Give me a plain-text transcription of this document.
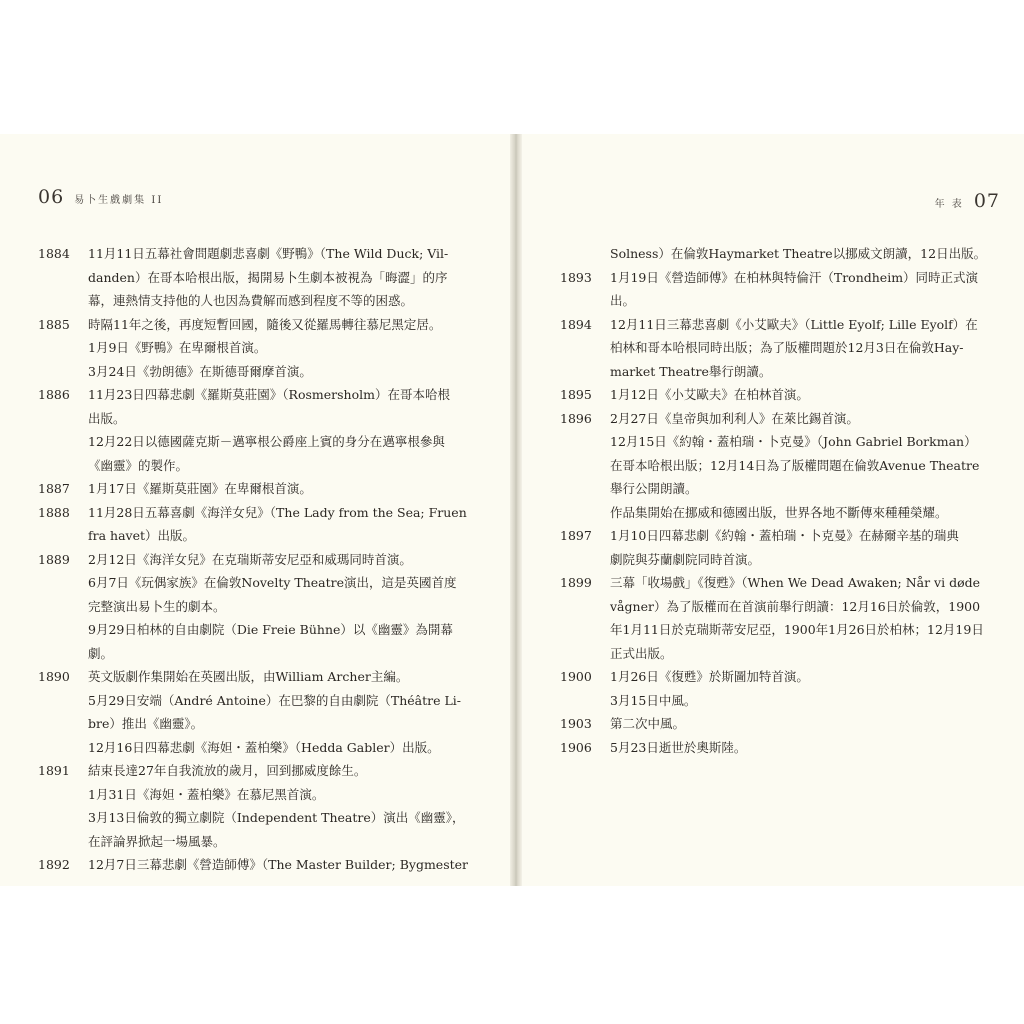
06 易卜生戲劇集 II	年 表 07
1884	11月11日五幕社會問題劇悲喜劇《野鴨》（The Wild Duck; Vil-
danden）在哥本哈根出版，揭開易卜生劇本被視為「晦澀」的序
幕，連熱情支持他的人也因為費解而感到程度不等的困惑。
1885	時隔11年之後，再度短暫回國，隨後又從羅馬轉往慕尼黑定居。
1月9日《野鴨》在卑爾根首演。
3月24日《勃朗德》在斯德哥爾摩首演。
1886	11月23日四幕悲劇《羅斯莫莊園》（Rosmersholm）在哥本哈根
出版。
12月22日以德國薩克斯－邁寧根公爵座上賓的身分在邁寧根參與
《幽靈》的製作。
1887	1月17日《羅斯莫莊園》在卑爾根首演。
1888	11月28日五幕喜劇《海洋女兒》（The Lady from the Sea; Fruen
fra havet）出版。
1889	2月12日《海洋女兒》在克瑞斯蒂安尼亞和威瑪同時首演。
6月7日《玩偶家族》在倫敦Novelty Theatre演出，這是英國首度
完整演出易卜生的劇本。
9月29日柏林的自由劇院（Die Freie Bühne）以《幽靈》為開幕
劇。
1890	英文版劇作集開始在英國出版，由William Archer主編。
5月29日安端（André Antoine）在巴黎的自由劇院（Théâtre Li-
bre）推出《幽靈》。
12月16日四幕悲劇《海妲・蓋柏樂》（Hedda Gabler）出版。
1891	結束長達27年自我流放的歲月，回到挪威度餘生。
1月31日《海妲・蓋柏樂》在慕尼黑首演。
3月13日倫敦的獨立劇院（Independent Theatre）演出《幽靈》，
在評論界掀起一場風暴。
1892	12月7日三幕悲劇《營造師傅》（The Master Builder; Bygmester
Solness）在倫敦Haymarket Theatre以挪威文朗讀，12日出版。
1893	1月19日《營造師傅》在柏林與特倫汗（Trondheim）同時正式演
出。
1894	12月11日三幕悲喜劇《小艾歐夫》（Little Eyolf; Lille Eyolf）在
柏林和哥本哈根同時出版；為了版權問題於12月3日在倫敦Hay-
market Theatre舉行朗讀。
1895	1月12日《小艾歐夫》在柏林首演。
1896	2月27日《皇帝與加利利人》在萊比錫首演。
12月15日《約翰・蓋柏瑞・卜克曼》（John Gabriel Borkman）
在哥本哈根出版；12月14日為了版權問題在倫敦Avenue Theatre
舉行公開朗讀。
作品集開始在挪威和德國出版，世界各地不斷傳來種種榮耀。
1897	1月10日四幕悲劇《約翰・蓋柏瑞・卜克曼》在赫爾辛基的瑞典
劇院與芬蘭劇院同時首演。
1899	三幕「收場戲」《復甦》（When We Dead Awaken; Når vi døde
vågner）為了版權而在首演前舉行朗讀：12月16日於倫敦，1900
年1月11日於克瑞斯蒂安尼亞，1900年1月26日於柏林；12月19日
正式出版。
1900	1月26日《復甦》於斯圖加特首演。
3月15日中風。
1903	第二次中風。
1906	5月23日逝世於奧斯陸。
